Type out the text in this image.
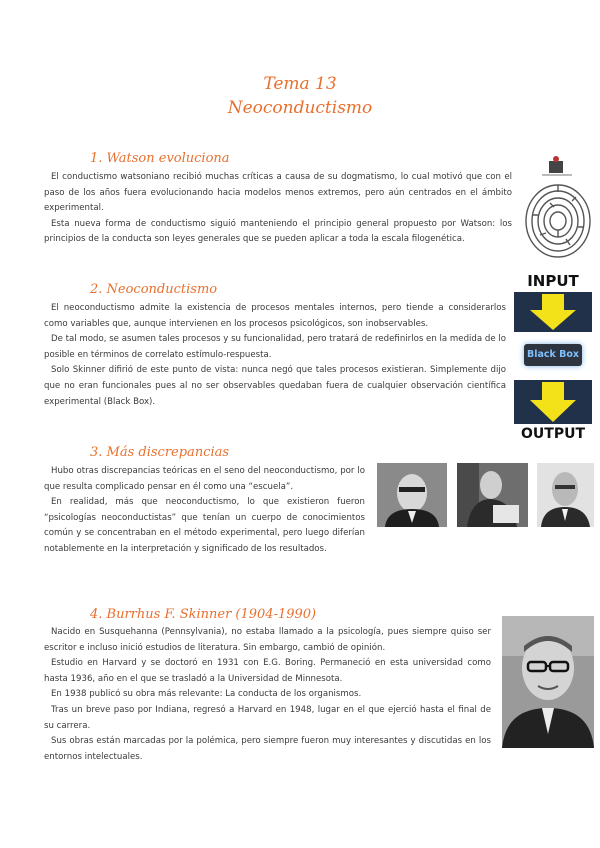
Tema 13
Neoconductismo
1. Watson evoluciona
El conductismo watsoniano recibió muchas críticas a causa de su dogmatismo, lo cual motivó que con el paso de los años fuera evolucionando hacia modelos menos extremos, pero aún centrados en el ámbito experimental.
Esta nueva forma de conductismo siguió manteniendo el principio general propuesto por Watson: los principios de la conducta son leyes generales que se pueden aplicar a toda la escala filogenética.
2. Neoconductismo
El neoconductismo admite la existencia de procesos mentales internos, pero tiende a considerarlos como variables que, aunque intervienen en los procesos psicológicos, son inobservables.
De tal modo, se asumen tales procesos y su funcionalidad, pero tratará de redefinirlos en la medida de lo posible en términos de correlato estímulo-respuesta.
Solo Skinner difirió de este punto de vista: nunca negó que tales procesos existieran. Simplemente dijo que no eran funcionales pues al no ser observables quedaban fuera de cualquier observación científica experimental (Black Box).
INPUT
Black Box
OUTPUT
3. Más discrepancias
Hubo otras discrepancias teóricas en el seno del neoconductismo, por lo que resulta complicado pensar en él como una “escuela”.
En realidad, más que neoconductismo, lo que existieron fueron “psicologías neoconductistas” que tenían un cuerpo de conocimientos común y se concentraban en el método experimental, pero luego diferían notablemente en la interpretación y significado de los resultados.
4. Burrhus F. Skinner (1904-1990)
Nacido en Susquehanna (Pennsylvania), no estaba llamado a la psicología, pues siempre quiso ser escritor e incluso inició estudios de literatura. Sin embargo, cambió de opinión.
Estudio en Harvard y se doctoró en 1931 con E.G. Boring. Permaneció en esta universidad como hasta 1936, año en el que se trasladó a la Universidad de Minnesota.
En 1938 publicó su obra más relevante: La conducta de los organismos.
Tras un breve paso por Indiana, regresó a Harvard en 1948, lugar en el que ejerció hasta el final de su carrera.
Sus obras están marcadas por la polémica, pero siempre fueron muy interesantes y discutidas en los entornos intelectuales.
